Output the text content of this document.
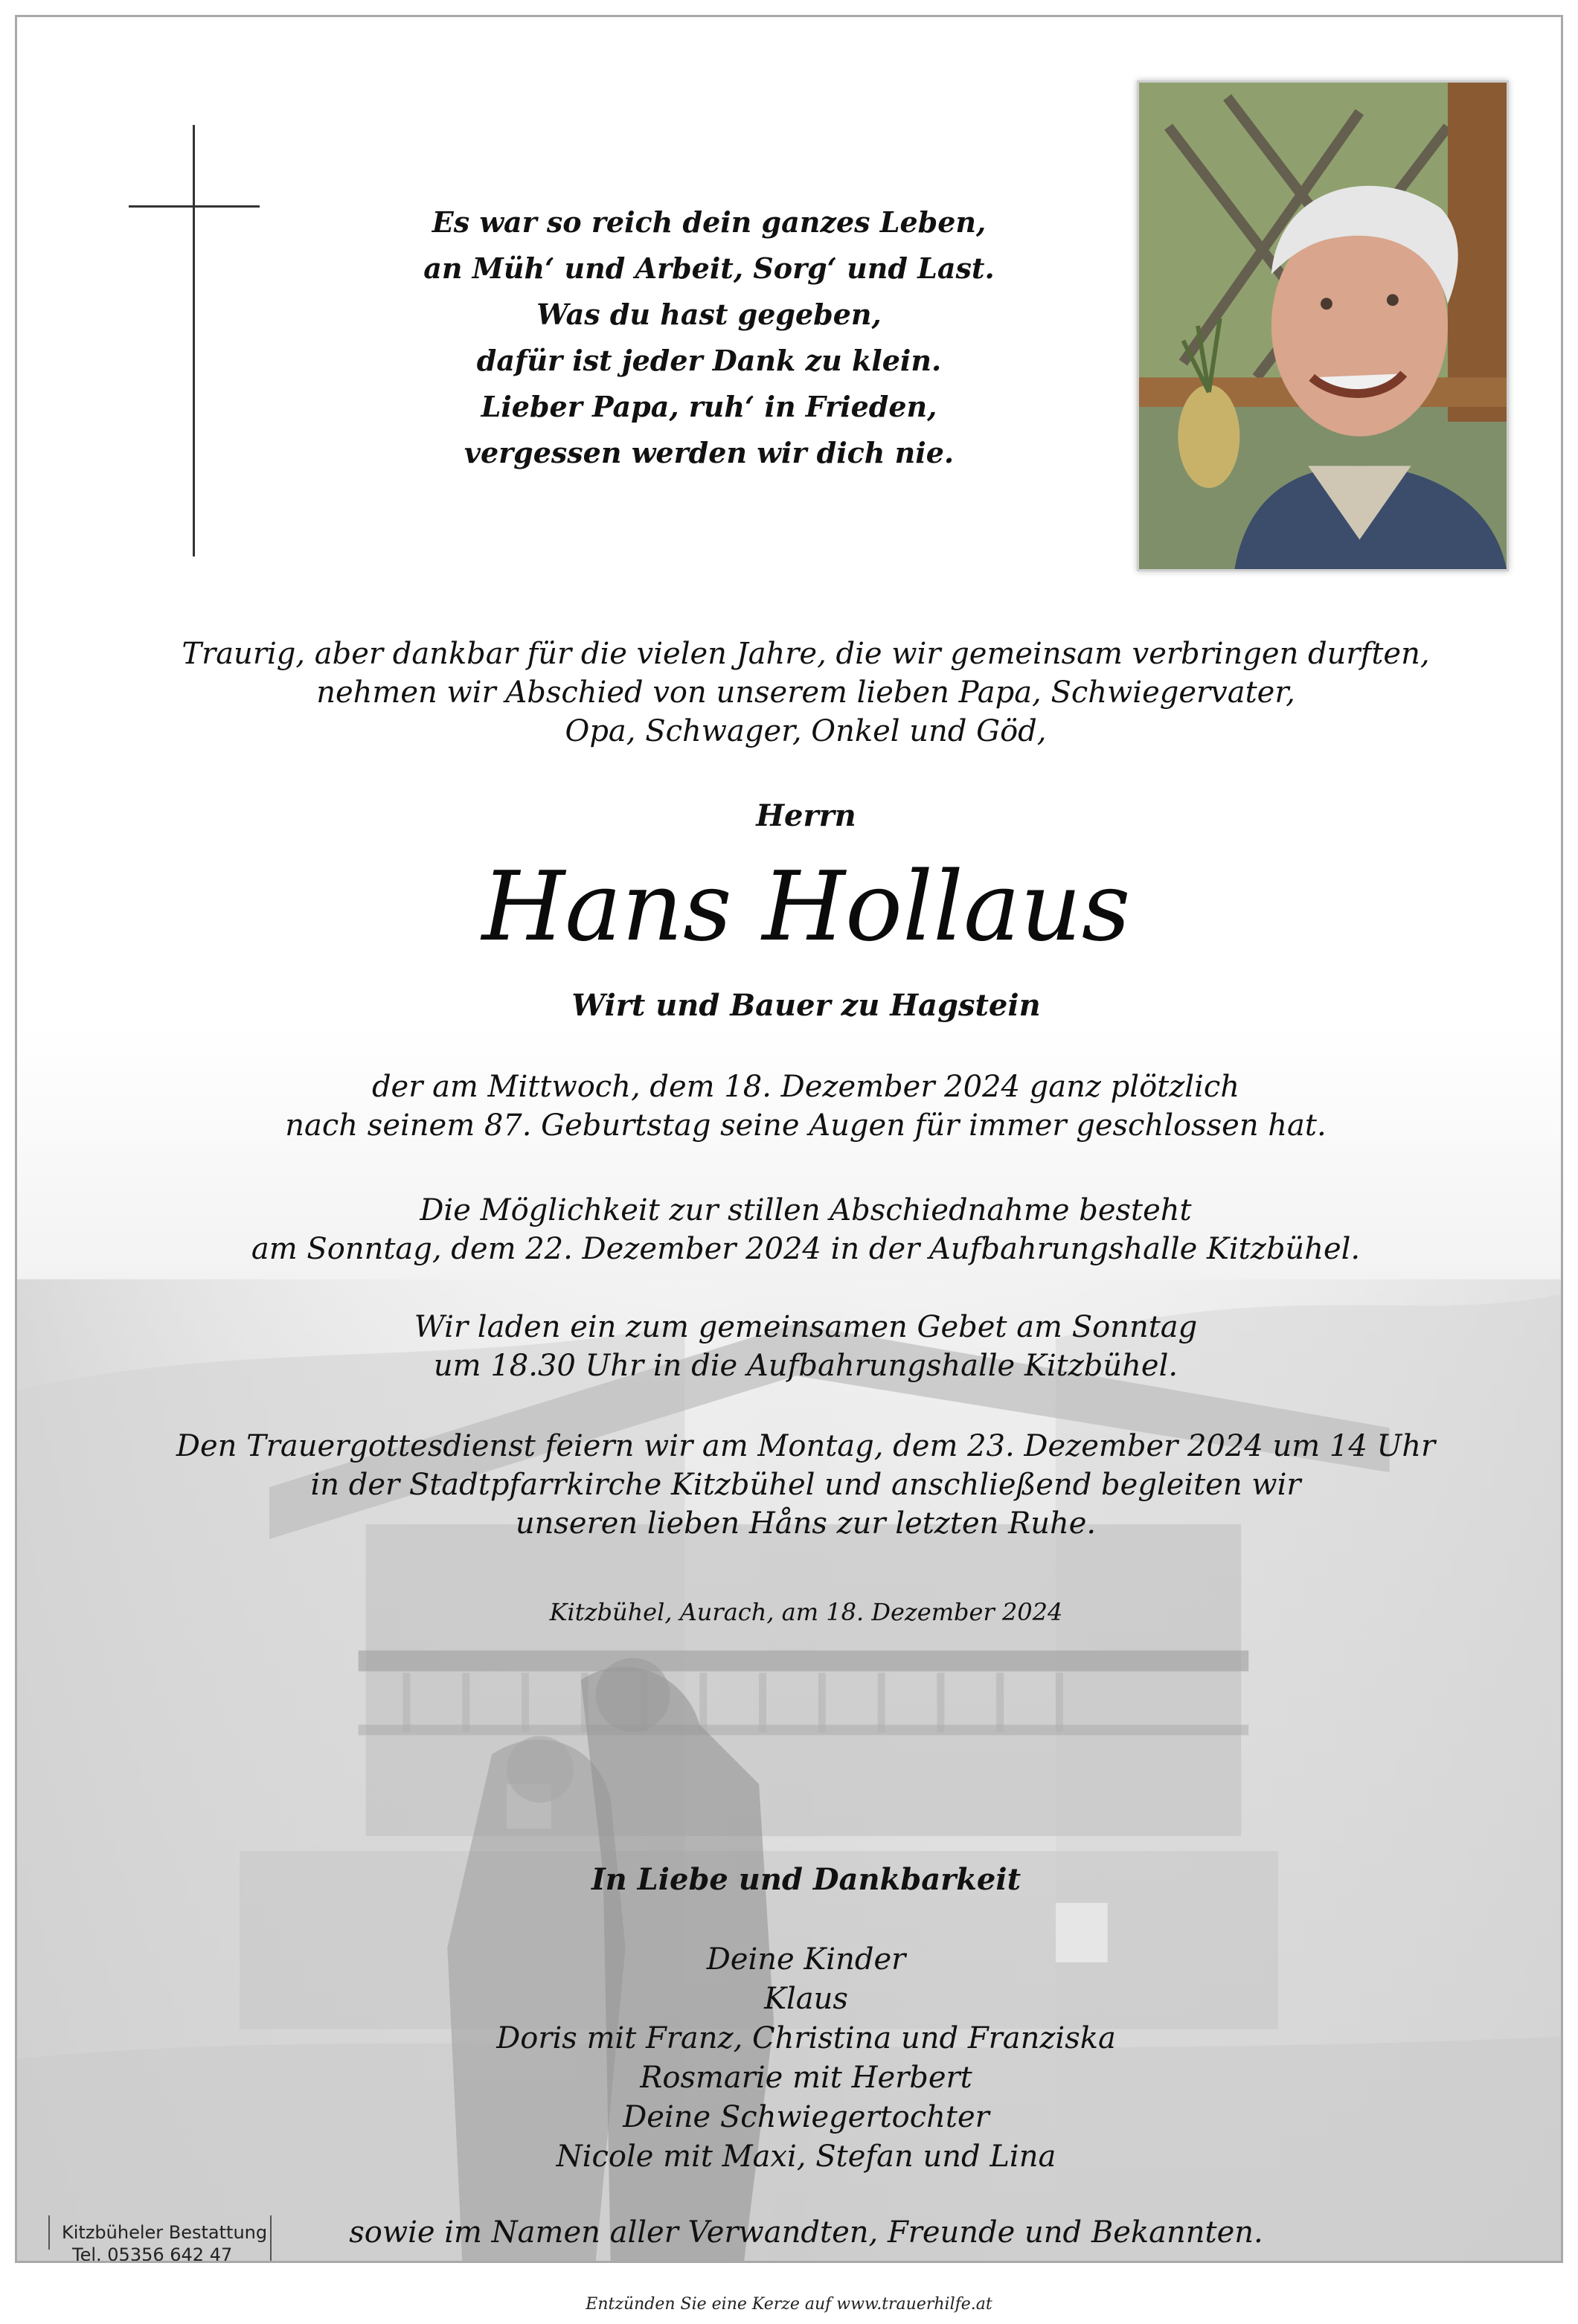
Es war so reich dein ganzes Leben,
an Müh‘ und Arbeit, Sorg‘ und Last.
Was du hast gegeben,
dafür ist jeder Dank zu klein.
Lieber Papa, ruh‘ in Frieden,
vergessen werden wir dich nie.
Traurig, aber dankbar für die vielen Jahre, die wir gemeinsam verbringen durften,
nehmen wir Abschied von unserem lieben Papa, Schwiegervater,
Opa, Schwager, Onkel und Göd,
Herrn
Hans Hollaus
Wirt und Bauer zu Hagstein
der am Mittwoch, dem 18. Dezember 2024 ganz plötzlich
nach seinem 87. Geburtstag seine Augen für immer geschlossen hat.
Die Möglichkeit zur stillen Abschiednahme besteht
am Sonntag, dem 22. Dezember 2024 in der Aufbahrungshalle Kitzbühel.
Wir laden ein zum gemeinsamen Gebet am Sonntag
um 18.30 Uhr in die Aufbahrungshalle Kitzbühel.
Den Trauergottesdienst feiern wir am Montag, dem 23. Dezember 2024 um 14 Uhr
in der Stadtpfarrkirche Kitzbühel und anschließend begleiten wir
unseren lieben Håns zur letzten Ruhe.
Kitzbühel, Aurach, am 18. Dezember 2024
In Liebe und Dankbarkeit
Deine Kinder
Klaus
Doris mit Franz, Christina und Franziska
Rosmarie mit Herbert
Deine Schwiegertochter
Nicole mit Maxi, Stefan und Lina
sowie im Namen aller Verwandten, Freunde und Bekannten.
Kitzbüheler Bestattung
Tel. 05356 642 47
Entzünden Sie eine Kerze auf www.trauerhilfe.at
